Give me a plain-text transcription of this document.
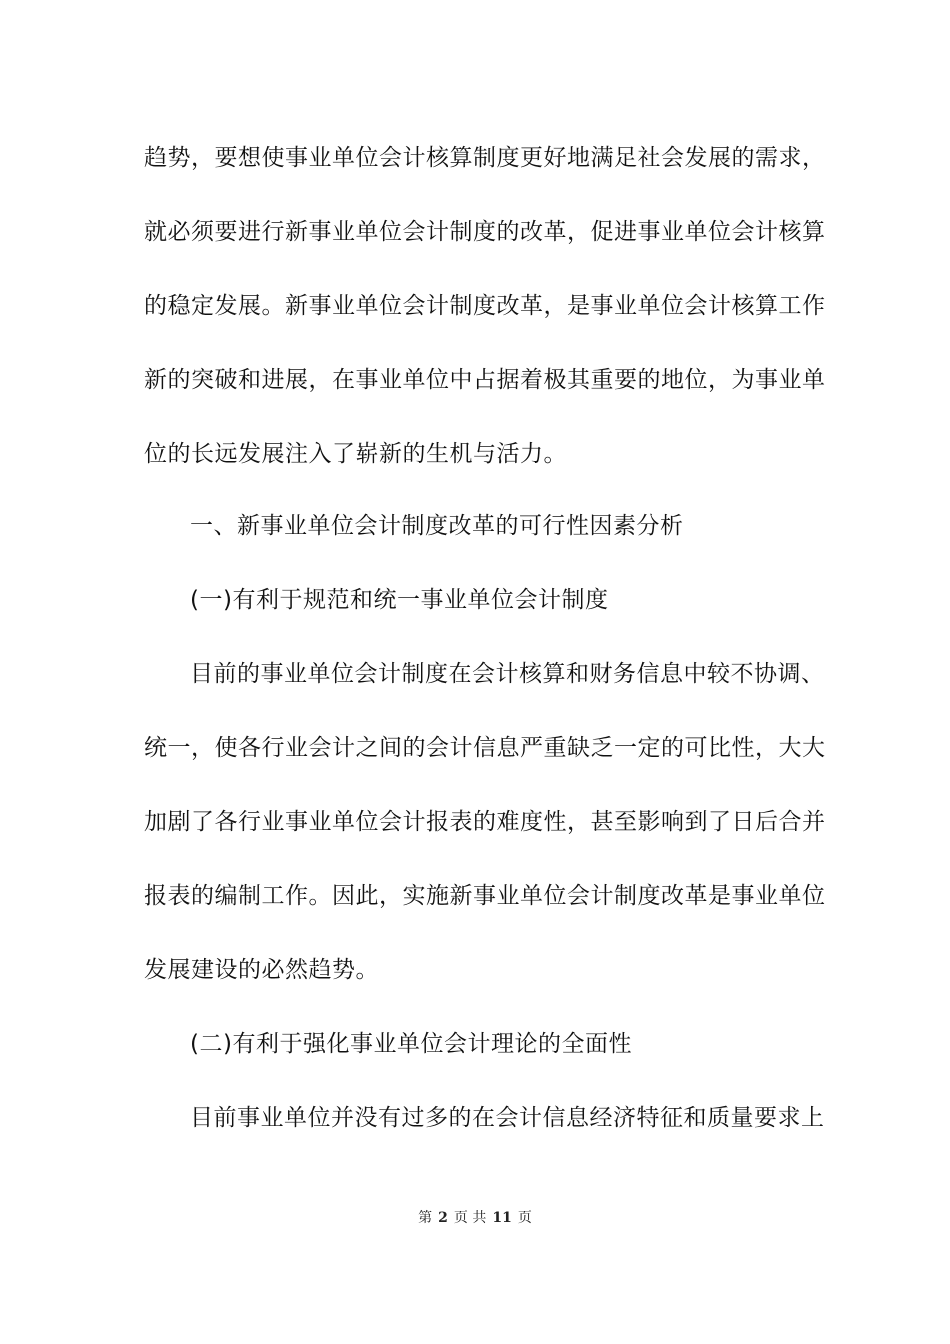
趋势，要想使事业单位会计核算制度更好地满足社会发展的需求，
就必须要进行新事业单位会计制度的改革，促进事业单位会计核算
的稳定发展。新事业单位会计制度改革，是事业单位会计核算工作
新的突破和进展，在事业单位中占据着极其重要的地位，为事业单
位的长远发展注入了崭新的生机与活力。
一、新事业单位会计制度改革的可行性因素分析
(一)有利于规范和统一事业单位会计制度
目前的事业单位会计制度在会计核算和财务信息中较不协调、
统一，使各行业会计之间的会计信息严重缺乏一定的可比性，大大
加剧了各行业事业单位会计报表的难度性，甚至影响到了日后合并
报表的编制工作。因此，实施新事业单位会计制度改革是事业单位
发展建设的必然趋势。
(二)有利于强化事业单位会计理论的全面性
目前事业单位并没有过多的在会计信息经济特征和质量要求上
第 2 页 共 11 页
